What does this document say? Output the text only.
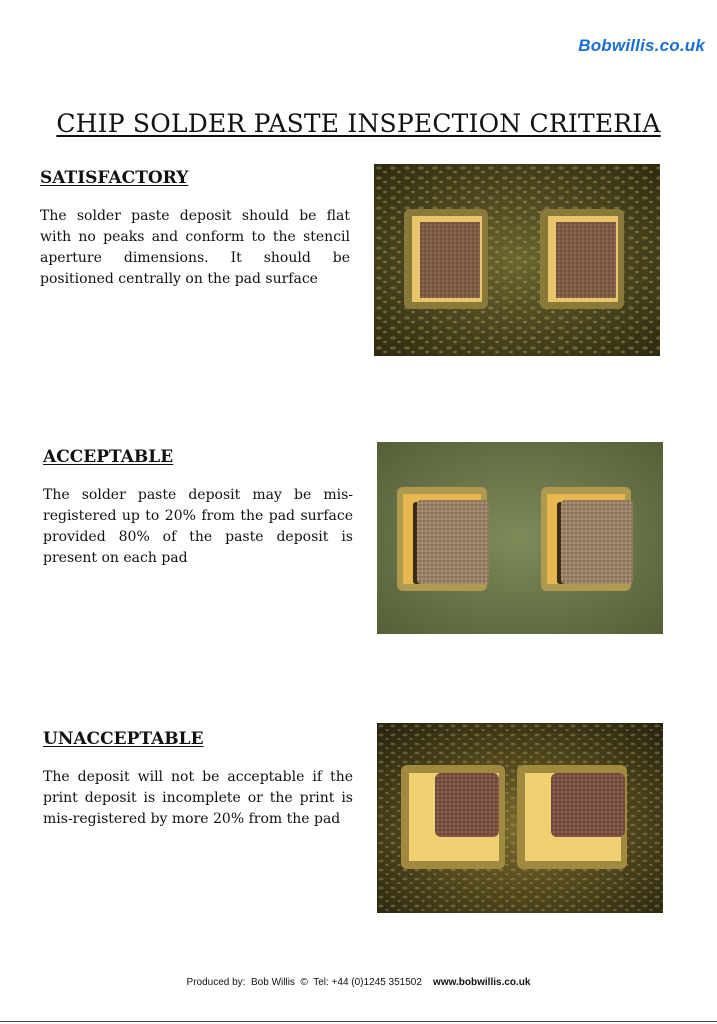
Bobwillis.co.uk
CHIP SOLDER PASTE INSPECTION CRITERIA
SATISFACTORY

The solder paste deposit should be flat with no peaks and conform to the stencil aperture dimensions. It should be positioned centrally on the pad surface

ACCEPTABLE

The solder paste deposit may be mis-registered up to 20% from the pad surface provided 80% of the paste deposit is present on each pad

UNACCEPTABLE

The deposit will not be acceptable if the print deposit is incomplete or the print is mis-registered by more 20% from the pad

Produced by:  Bob Willis  ©  Tel: +44 (0)1245 351502 www.bobwillis.co.uk
